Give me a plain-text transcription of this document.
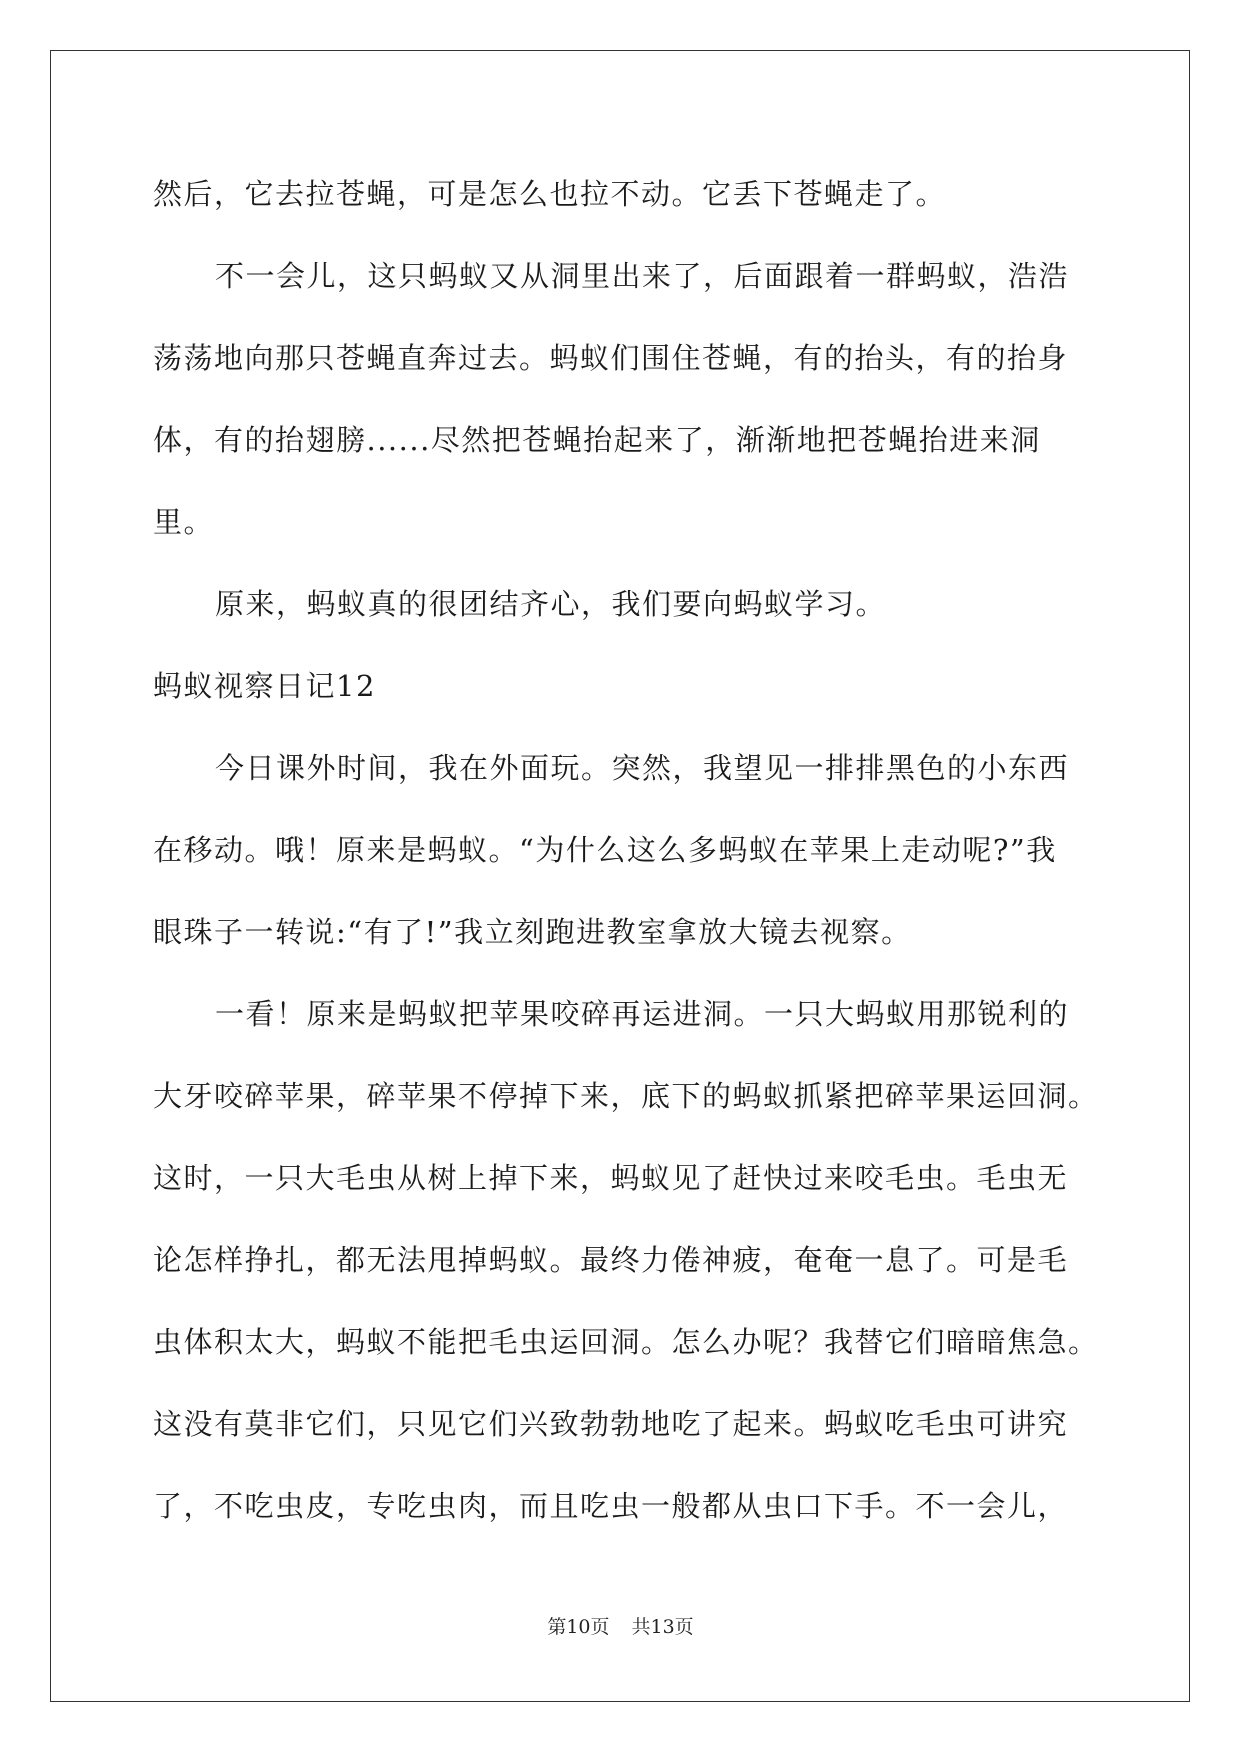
然后，它去拉苍蝇，可是怎么也拉不动。它丢下苍蝇走了。
不一会儿，这只蚂蚁又从洞里出来了，后面跟着一群蚂蚁，浩浩
荡荡地向那只苍蝇直奔过去。蚂蚁们围住苍蝇，有的抬头，有的抬身
体，有的抬翅膀......尽然把苍蝇抬起来了，渐渐地把苍蝇抬进来洞
里。
原来，蚂蚁真的很团结齐心，我们要向蚂蚁学习。
蚂蚁视察日记12
今日课外时间，我在外面玩。突然，我望见一排排黑色的小东西
在移动。哦！原来是蚂蚁。“为什么这么多蚂蚁在苹果上走动呢?”我
眼珠子一转说:“有了!”我立刻跑进教室拿放大镜去视察。
一看！原来是蚂蚁把苹果咬碎再运进洞。一只大蚂蚁用那锐利的
大牙咬碎苹果，碎苹果不停掉下来，底下的蚂蚁抓紧把碎苹果运回洞。
这时，一只大毛虫从树上掉下来，蚂蚁见了赶快过来咬毛虫。毛虫无
论怎样挣扎，都无法甩掉蚂蚁。最终力倦神疲，奄奄一息了。可是毛
虫体积太大，蚂蚁不能把毛虫运回洞。怎么办呢？我替它们暗暗焦急。
这没有莫非它们，只见它们兴致勃勃地吃了起来。蚂蚁吃毛虫可讲究
了，不吃虫皮，专吃虫肉，而且吃虫一般都从虫口下手。不一会儿，
第10页 共13页
